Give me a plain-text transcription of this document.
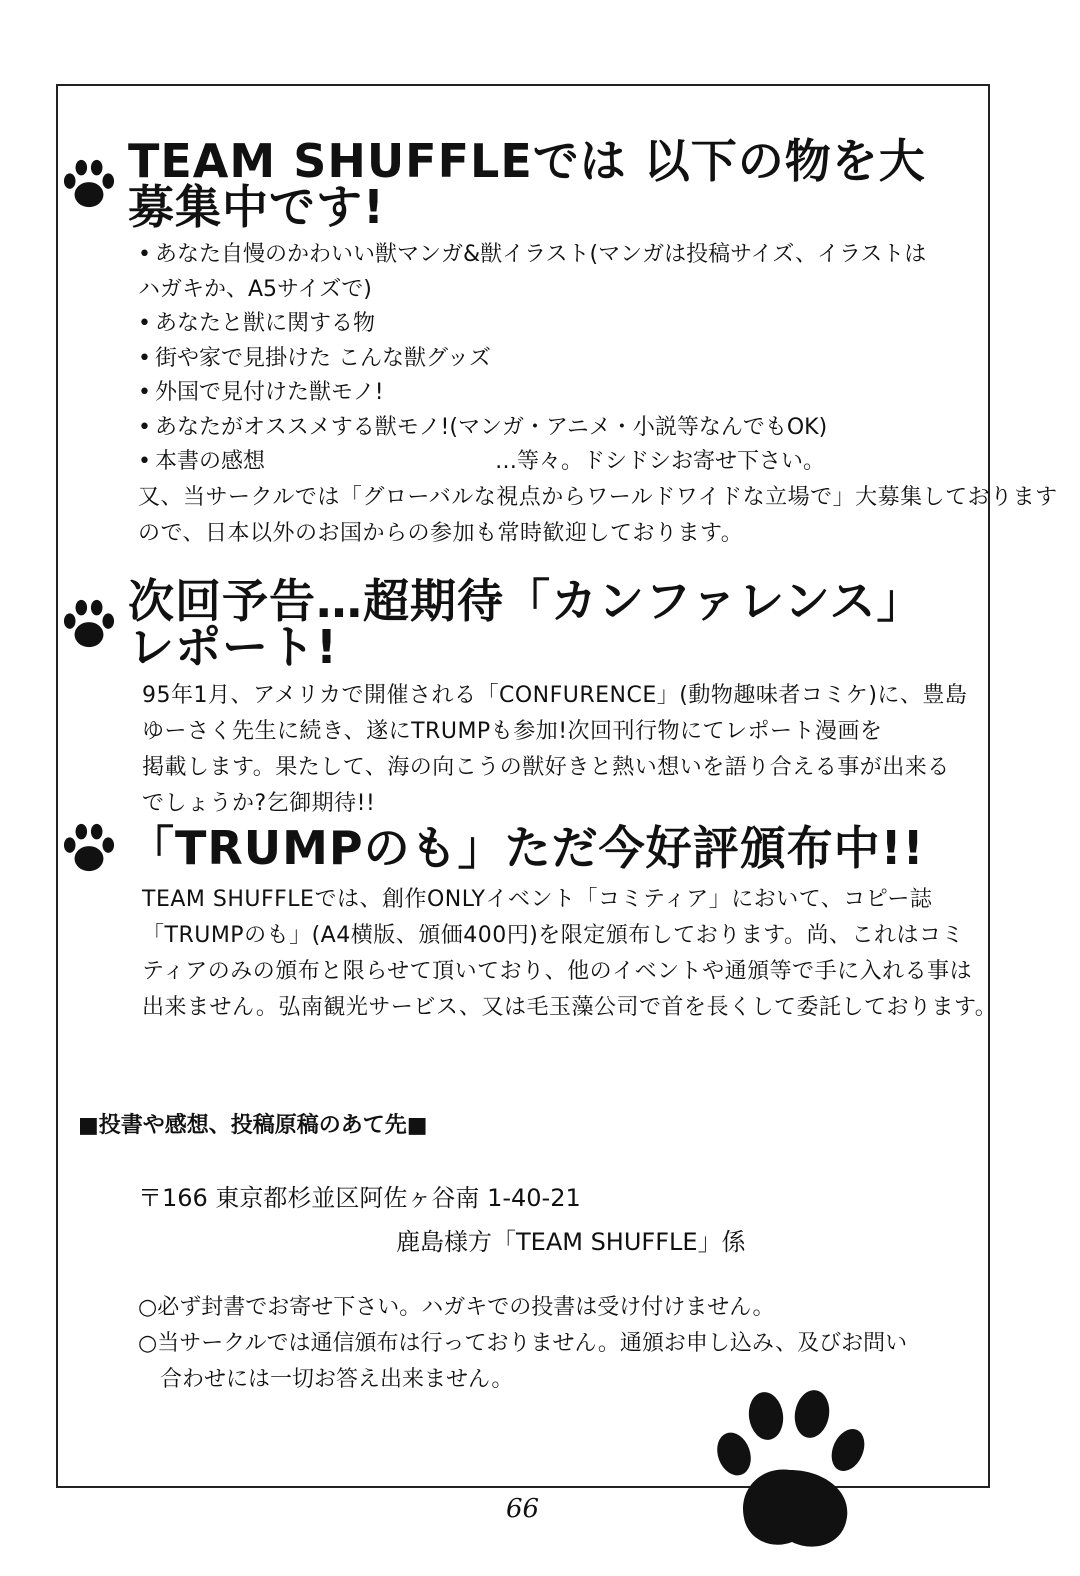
TEAM SHUFFLEでは 以下の物を大募集中です!
• あなた自慢のかわいい獣マンガ&獣イラスト(マンガは投稿サイズ、イラストは
ハガキか、A5サイズで)
• あなたと獣に関する物
• 街や家で見掛けた こんな獣グッズ
• 外国で見付けた獣モノ!
• あなたがオススメする獣モノ!(マンガ・アニメ・小説等なんでもOK)
• 本書の感想	…等々。ドシドシお寄せ下さい。
又、当サークルでは「グローバルな視点からワールドワイドな立場で」大募集しております
ので、日本以外のお国からの参加も常時歓迎しております。
次回予告…超期待「カンファレンス」レポート!
95年1月、アメリカで開催される「CONFURENCE」(動物趣味者コミケ)に、豊島
ゆーさく先生に続き、遂にTRUMPも参加!次回刊行物にてレポート漫画を
掲載します。果たして、海の向こうの獣好きと熱い想いを語り合える事が出来る
でしょうか?乞御期待!!
「TRUMPのも」ただ今好評頒布中!!
TEAM SHUFFLEでは、創作ONLYイベント「コミティア」において、コピー誌
「TRUMPのも」(A4横版、頒価400円)を限定頒布しております。尚、これはコミ
ティアのみの頒布と限らせて頂いており、他のイベントや通頒等で手に入れる事は
出来ません。弘南観光サービス、又は毛玉藻公司で首を長くして委託しております。
■投書や感想、投稿原稿のあて先■
〒166 東京都杉並区阿佐ヶ谷南 1-40-21
鹿島様方「TEAM SHUFFLE」係
○必ず封書でお寄せ下さい。ハガキでの投書は受け付けません。
○当サークルでは通信頒布は行っておりません。通頒お申し込み、及びお問い
合わせには一切お答え出来ません。
66
